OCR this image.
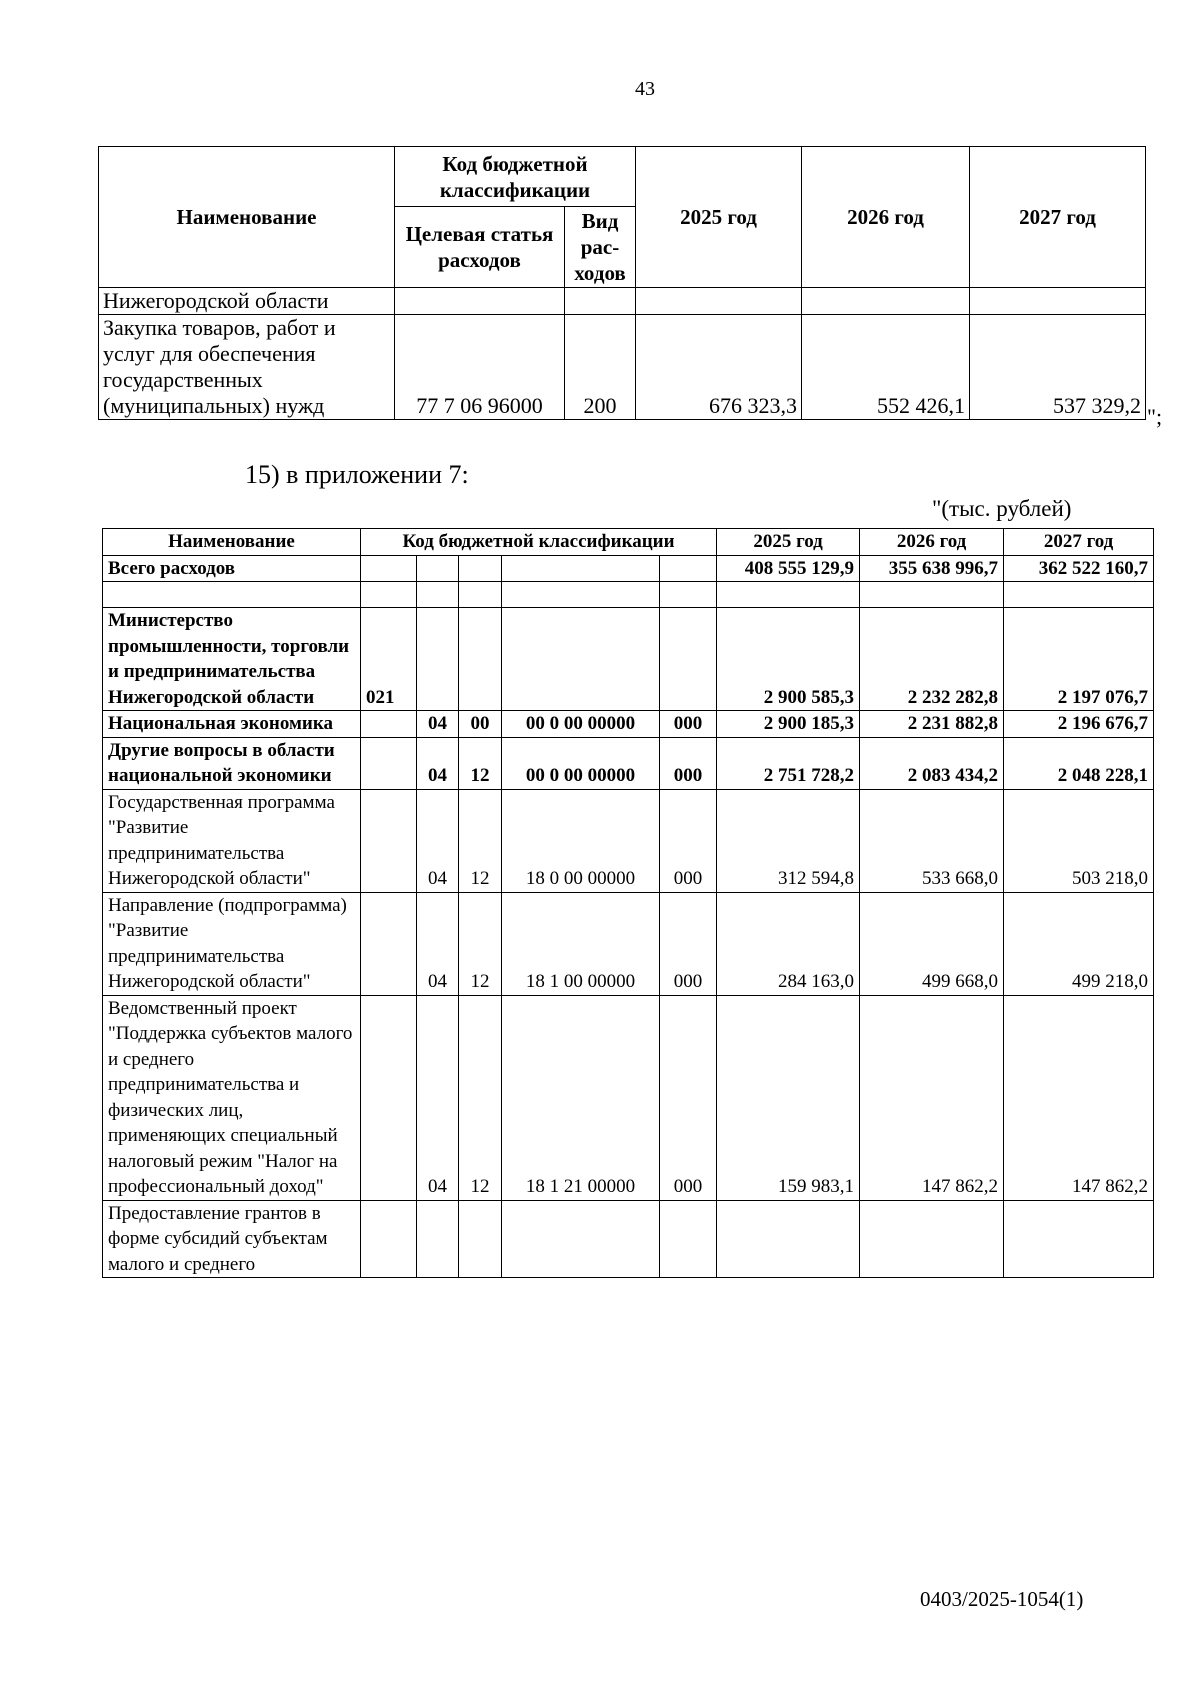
43
Наименование	Код бюджетной классификации		2025 год	2026 год	2027 год
	Целевая статья расходов	Вид рас-ходов			
Нижегородской области					
Закупка товаров, работ и услуг для обеспечения государственных (муниципальных) нужд	77 7 06 96000	200	676 323,3	552 426,1	537 329,2 ";
15) в приложении 7:
"(тыс. рублей)
Наименование	Код бюджетной классификации					2025 год	2026 год	2027 год
Всего расходов						408 555 129,9	355 638 996,7	362 522 160,7

Министерство промышленности, торговли и предпринимательства Нижегородской области	021					2 900 585,3	2 232 282,8	2 197 076,7
Национальная экономика		04	00	00 0 00 00000	000	2 900 185,3	2 231 882,8	2 196 676,7
Другие вопросы в области национальной экономики		04	12	00 0 00 00000	000	2 751 728,2	2 083 434,2	2 048 228,1
Государственная программа "Развитие предпринимательства Нижегородской области"		04	12	18 0 00 00000	000	312 594,8	533 668,0	503 218,0
Направление (подпрограмма) "Развитие предпринимательства Нижегородской области"		04	12	18 1 00 00000	000	284 163,0	499 668,0	499 218,0
Ведомственный проект "Поддержка субъектов малого и среднего предпринимательства и физических лиц, применяющих специальный налоговый режим "Налог на профессиональный доход"		04	12	18 1 21 00000	000	159 983,1	147 862,2	147 862,2
Предоставление грантов в форме субсидий субъектам малого и среднего								
0403/2025-1054(1)
